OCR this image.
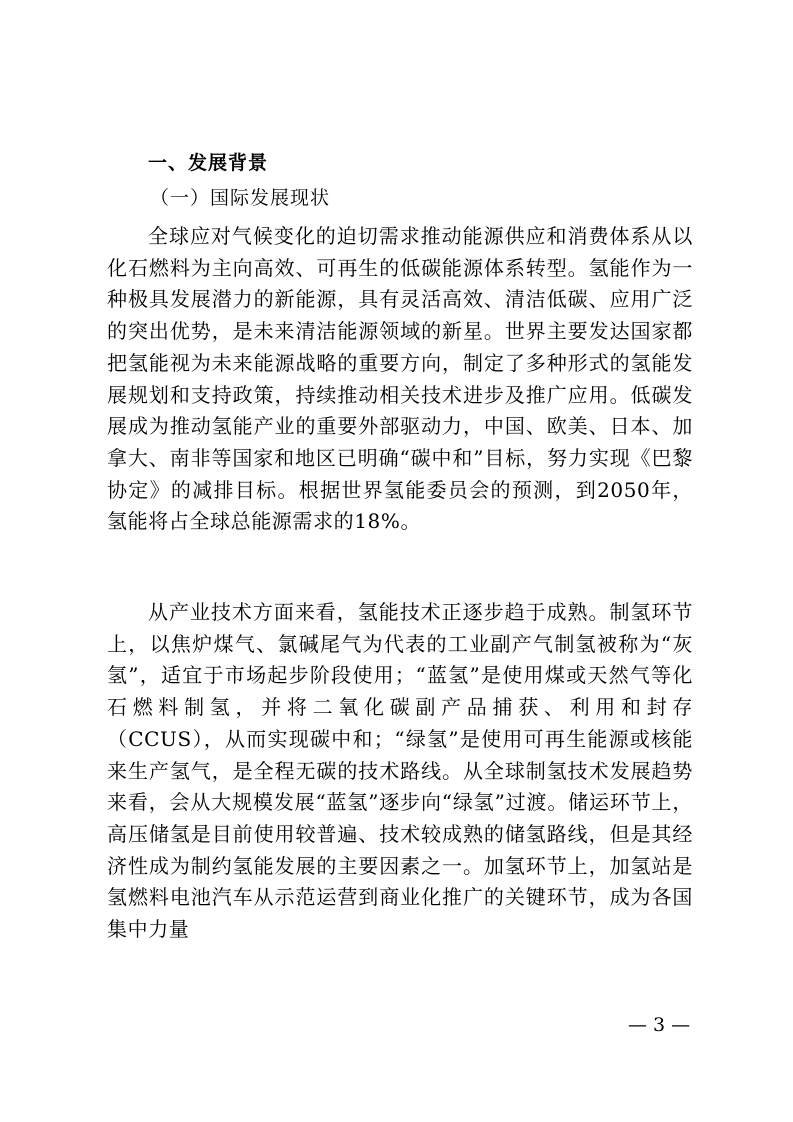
一、发展背景
（一）国际发展现状

全球应对气候变化的迫切需求推动能源供应和消费体系从以化石燃料为主向高效、可再生的低碳能源体系转型。氢能作为一种极具发展潜力的新能源，具有灵活高效、清洁低碳、应用广泛的突出优势，是未来清洁能源领域的新星。世界主要发达国家都把氢能视为未来能源战略的重要方向，制定了多种形式的氢能发展规划和支持政策，持续推动相关技术进步及推广应用。低碳发展成为推动氢能产业的重要外部驱动力，中国、欧美、日本、加拿大、南非等国家和地区已明确“碳中和”目标，努力实现《巴黎协定》的减排目标。根据世界氢能委员会的预测，到2050年，氢能将占全球总能源需求的18%。

从产业技术方面来看，氢能技术正逐步趋于成熟。制氢环节上，以焦炉煤气、氯碱尾气为代表的工业副产气制氢被称为“灰氢”，适宜于市场起步阶段使用；“蓝氢”是使用煤或天然气等化石燃料制氢，并将二氧化碳副产品捕获、利用和封存（CCUS），从而实现碳中和；“绿氢”是使用可再生能源或核能来生产氢气，是全程无碳的技术路线。从全球制氢技术发展趋势来看，会从大规模发展“蓝氢”逐步向“绿氢”过渡。储运环节上，高压储氢是目前使用较普遍、技术较成熟的储氢路线，但是其经济性成为制约氢能发展的主要因素之一。加氢环节上，加氢站是氢燃料电池汽车从示范运营到商业化推广的关键环节，成为各国集中力量

— 3 —
